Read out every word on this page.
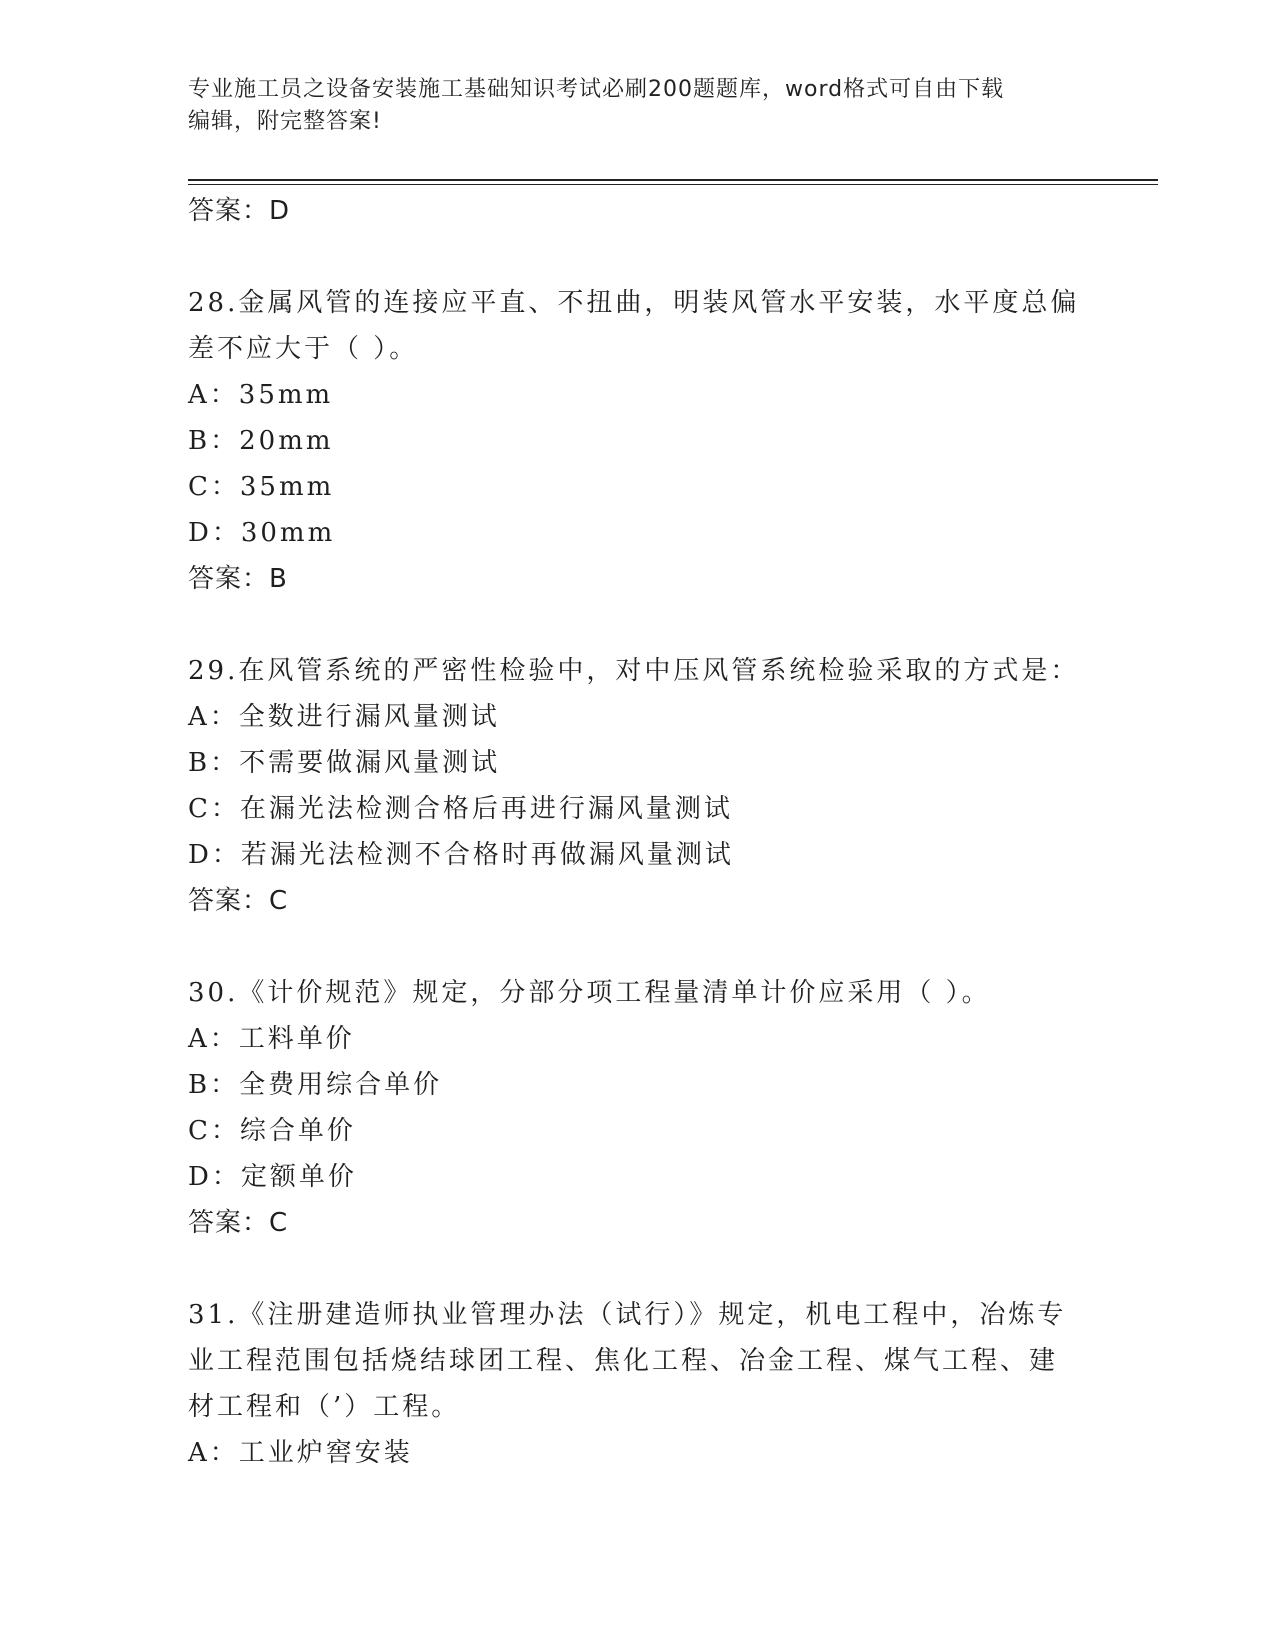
专业施工员之设备安装施工基础知识考试必刷200题题库，word格式可自由下载
编辑，附完整答案!
答案：D
28.金属风管的连接应平直、不扭曲，明装风管水平安装，水平度总偏
差不应大于（ ）。
A：35mm
B：20mm
C：35mm
D：30mm
答案：B
29.在风管系统的严密性检验中，对中压风管系统检验采取的方式是：
A：全数进行漏风量测试
B：不需要做漏风量测试
C：在漏光法检测合格后再进行漏风量测试
D：若漏光法检测不合格时再做漏风量测试
答案：C
30.《计价规范》规定，分部分项工程量清单计价应采用（ ）。
A：工料单价
B：全费用综合单价
C：综合单价
D：定额单价
答案：C
31.《注册建造师执业管理办法（试行）》规定，机电工程中，冶炼专
业工程范围包括烧结球团工程、焦化工程、冶金工程、煤气工程、建
材工程和（’）工程。
A：工业炉窖安装
